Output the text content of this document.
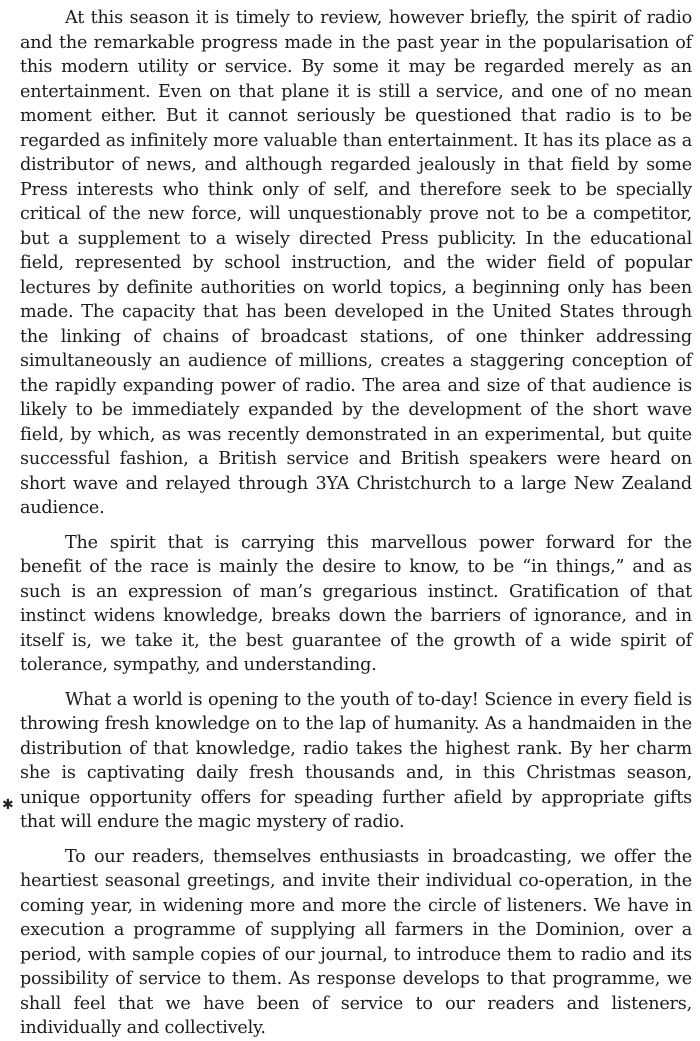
✱

At this season it is timely to review, however briefly, the spirit of radio and the remarkable progress made in the past year in the popularisation of this modern utility or service. By some it may be regarded merely as an entertainment. Even on that plane it is still a service, and one of no mean moment either. But it cannot seriously be questioned that radio is to be regarded as infinitely more valuable than entertainment. It has its place as a distributor of news, and although regarded jealously in that field by some Press interests who think only of self, and therefore seek to be specially critical of the new force, will unquestionably prove not to be a competitor, but a supplement to a wisely directed Press publicity. In the educational field, represented by school instruction, and the wider field of popular lectures by definite authorities on world topics, a beginning only has been made. The capacity that has been developed in the United States through the linking of chains of broadcast stations, of one thinker addressing simultaneously an audience of millions, creates a staggering conception of the rapidly expanding power of radio. The area and size of that audience is likely to be immediately expanded by the development of the short wave field, by which, as was recently demonstrated in an experimental, but quite successful fashion, a British service and British speakers were heard on short wave and relayed through 3YA Christchurch to a large New Zealand audience.

The spirit that is carrying this marvellous power forward for the benefit of the race is mainly the desire to know, to be “in things,” and as such is an expression of man’s gregarious instinct. Gratification of that instinct widens knowledge, breaks down the barriers of ignorance, and in itself is, we take it, the best guarantee of the growth of a wide spirit of tolerance, sympathy, and understanding.

What a world is opening to the youth of to-day! Science in every field is throwing fresh knowledge on to the lap of humanity. As a handmaiden in the distribution of that knowledge, radio takes the highest rank. By her charm she is captivating daily fresh thousands and, in this Christmas season, unique opportunity offers for speading further afield by appropriate gifts that will endure the magic mystery of radio.

To our readers, themselves enthusiasts in broadcasting, we offer the heartiest seasonal greetings, and invite their individual co-operation, in the coming year, in widening more and more the circle of listeners. We have in execution a programme of supplying all farmers in the Dominion, over a period, with sample copies of our journal, to introduce them to radio and its possibility of service to them. As response develops to that programme, we shall feel that we have been of service to our readers and listeners, individually and collectively.
